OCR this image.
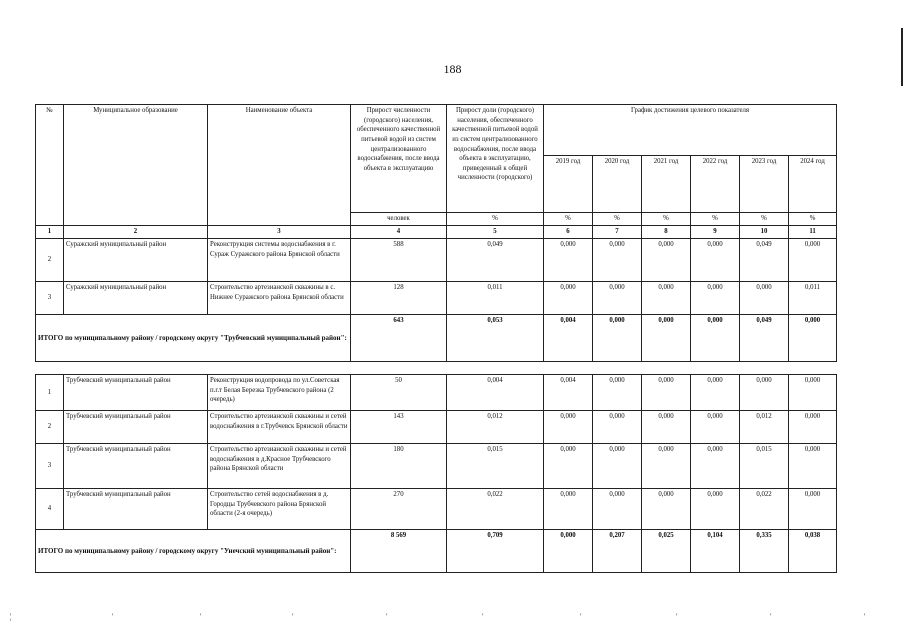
188
№	Муниципальное образование	Наименование объекта	Прирост численности (городского) населения, обеспеченного качественной питьевой водой из систем централизованного водоснабжения, после ввода объекта в эксплуатацию	Прирост доли (городского) населения, обеспеченного качественной питьевой водой из систем централизованного водоснабжения, после ввода объекта в эксплуатацию, приведенный к общей численности (городского)	График достижения целевого показателя					
					2019 год	2020 год	2021 год	2022 год	2023 год	2024 год
			человек	%	%	%	%	%	%	%
1	2	3	4	5	6	7	8	9	10	11
2	Суражский муниципальный район	Реконструкция системы водоснабжения в г. Сураж Суражского района Брянской области	588	0,049	0,000	0,000	0,000	0,000	0,049	0,000
3	Суражский муниципальный район	Строительство артезианской скважины в с. Нижнее Суражского района Брянской области	128	0,011	0,000	0,000	0,000	0,000	0,000	0,011
ИТОГО по муниципальному району / городскому округу "Трубчевский муниципальный район":			643	0,053	0,004	0,000	0,000	0,000	0,049	0,000

1	Трубчевский муниципальный район	Реконструкция водопровода по ул.Советская п.г.т Белая Березка Трубчевского района (2 очередь)	50	0,004	0,004	0,000	0,000	0,000	0,000	0,000
2	Трубчевский муниципальный район	Строительство артезианской скважины и сетей водоснабжения в г.Трубчевск Брянской области	143	0,012	0,000	0,000	0,000	0,000	0,012	0,000
3	Трубчевский муниципальный район	Строительство артезианской скважины и сетей водоснабжения в д.Красное Трубчевского района Брянской области	180	0,015	0,000	0,000	0,000	0,000	0,015	0,000
4	Трубчевский муниципальный район	Строительство сетей водоснабжения в д. Городцы Трубчевского района Брянской области (2-я очередь)	270	0,022	0,000	0,000	0,000	0,000	0,022	0,000
ИТОГО по муниципальному району / городскому округу "Унечский муниципальный район":			8 569	0,709	0,000	0,207	0,025	0,104	0,335	0,038
¦	'	'	'	'	'	'	'	'	'
